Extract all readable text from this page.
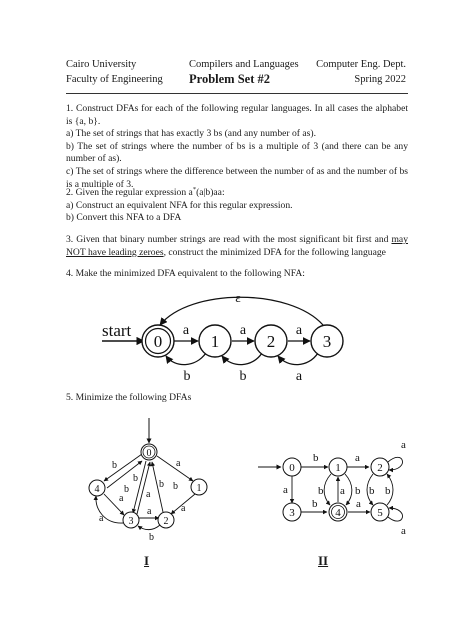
Cairo University
Faculty of Engineering
Compilers and Languages
Problem Set #2
Computer Eng. Dept.
Spring 2022

1. Construct DFAs for each of the following regular languages. In all cases the alphabet is {a, b}.

a) The set of strings that has exactly 3 bs (and any number of as).

b) The set of strings where the number of bs is a multiple of 3 (and there can be any number of as).

c) The set of strings where the difference between the number of as and the number of bs is a multiple of 3.

2. Given the regular expression a*(a|b)aa:

a) Construct an equivalent NFA for this regular expression.

b) Convert this NFA to a DFA

3. Given that binary number strings are read with the most significant bit first and may NOT have leading zeroes, construct the minimized DFA for the following language

4. Make the minimized DFA equivalent to the following NFA:

start
ε
a	a	a
b	b	a
0	1	2	3

5. Minimize the following DFAs

b
b
a
b
a
a
a
a
b
a
b
b
0
1
2
3
4
b	a
a
b
b a b b b
a
a
a
0	1	2
3	4	5
I	II
